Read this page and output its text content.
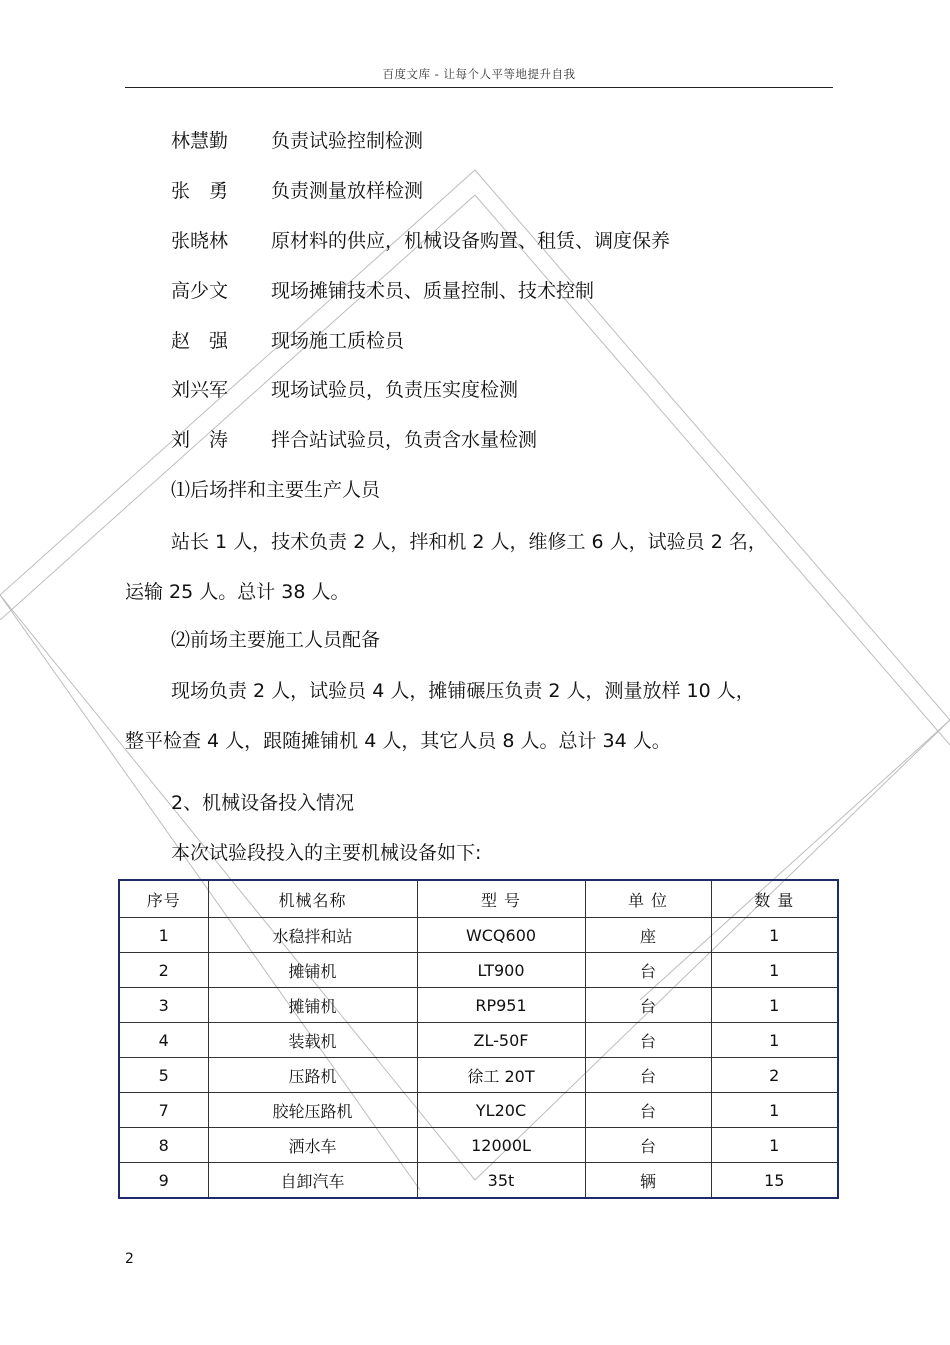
百度文库 - 让每个人平等地提升自我
林慧勤 负责试验控制检测
张　勇 负责测量放样检测
张晓林 原材料的供应，机械设备购置、租赁、调度保养
高少文 现场摊铺技术员、质量控制、技术控制
赵　强 现场施工质检员
刘兴军 现场试验员，负责压实度检测
刘　涛 拌合站试验员，负责含水量检测
⑴后场拌和主要生产人员
站长 1 人，技术负责 2 人，拌和机 2 人，维修工 6 人，试验员 2 名，
运输 25 人。总计 38 人。
⑵前场主要施工人员配备
现场负责 2 人，试验员 4 人，摊铺碾压负责 2 人，测量放样 10 人，
整平检查 4 人，跟随摊铺机 4 人，其它人员 8 人。总计 34 人。
2、机械设备投入情况
本次试验段投入的主要机械设备如下:
序号	机械名称	型 号	单 位	数 量
1	水稳拌和站	WCQ600	座	1
2	摊铺机	LT900	台	1
3	摊铺机	RP951	台	1
4	装载机	ZL-50F	台	1
5	压路机	徐工 20T	台	2
7	胶轮压路机	YL20C	台	1
8	洒水车	12000L	台	1
9	自卸汽车	35t	辆	15
2
